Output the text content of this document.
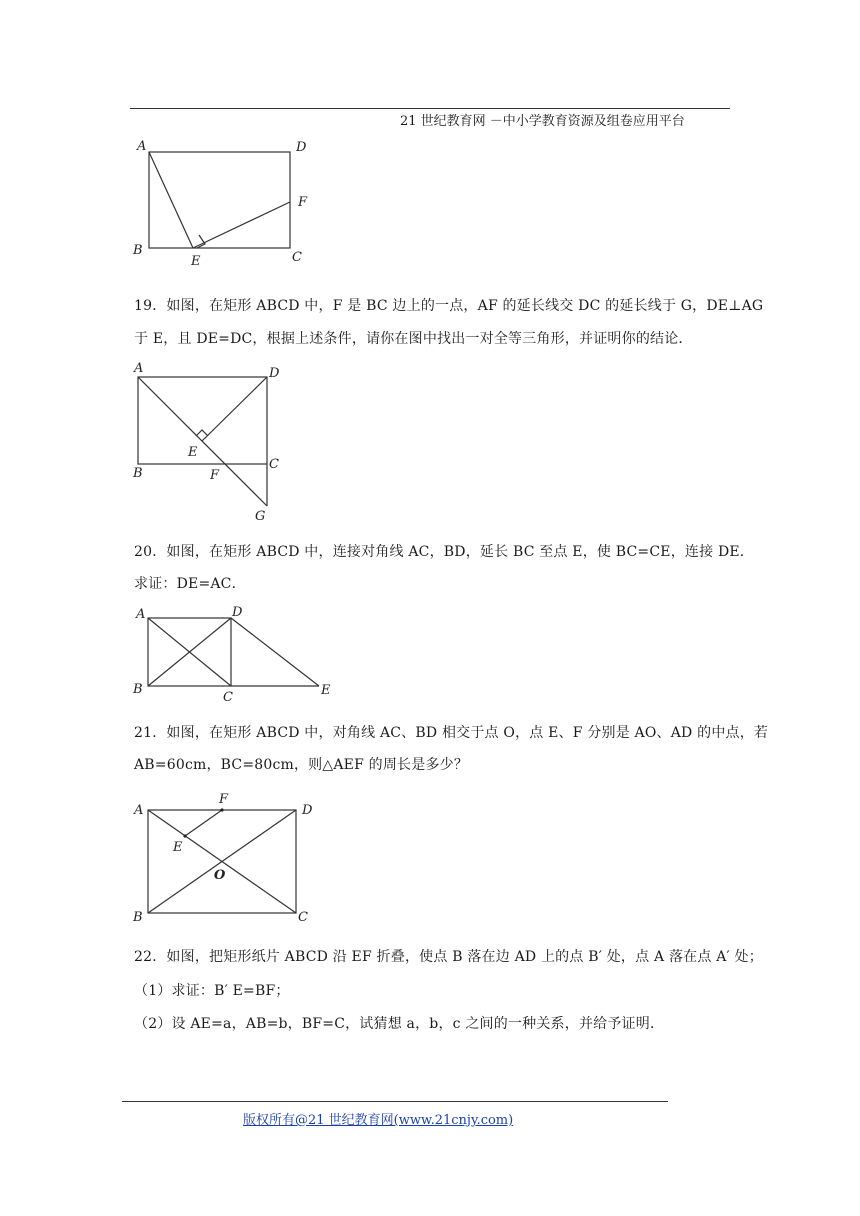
21 世纪教育网 －中小学教育资源及组卷应用平台
A	D
F
B
E	C
19．如图，在矩形 ABCD 中，F 是 BC 边上的一点，AF 的延长线交 DC 的延长线于 G，DE⊥AG
于 E，且 DE=DC，根据上述条件，请你在图中找出一对全等三角形，并证明你的结论．
A	D
E
B	F
C
G
20．如图，在矩形 ABCD 中，连接对角线 AC，BD，延长 BC 至点 E，使 BC=CE，连接 DE．
求证：DE=AC．
A	D
B
C	E
21．如图，在矩形 ABCD 中，对角线 AC、BD 相交于点 O，点 E、F 分别是 AO、AD 的中点，若
AB=60cm，BC=80cm，则△AEF 的周长是多少？
A
F
D
E
O
B	C
22．如图，把矩形纸片 ABCD 沿 EF 折叠，使点 B 落在边 AD 上的点 B′ 处，点 A 落在点 A′ 处；
（1）求证：B′ E=BF；
（2）设 AE=a，AB=b，BF=C，试猜想 a，b，c 之间的一种关系，并给予证明．
版权所有@21 世纪教育网(www.21cnjy.com)
